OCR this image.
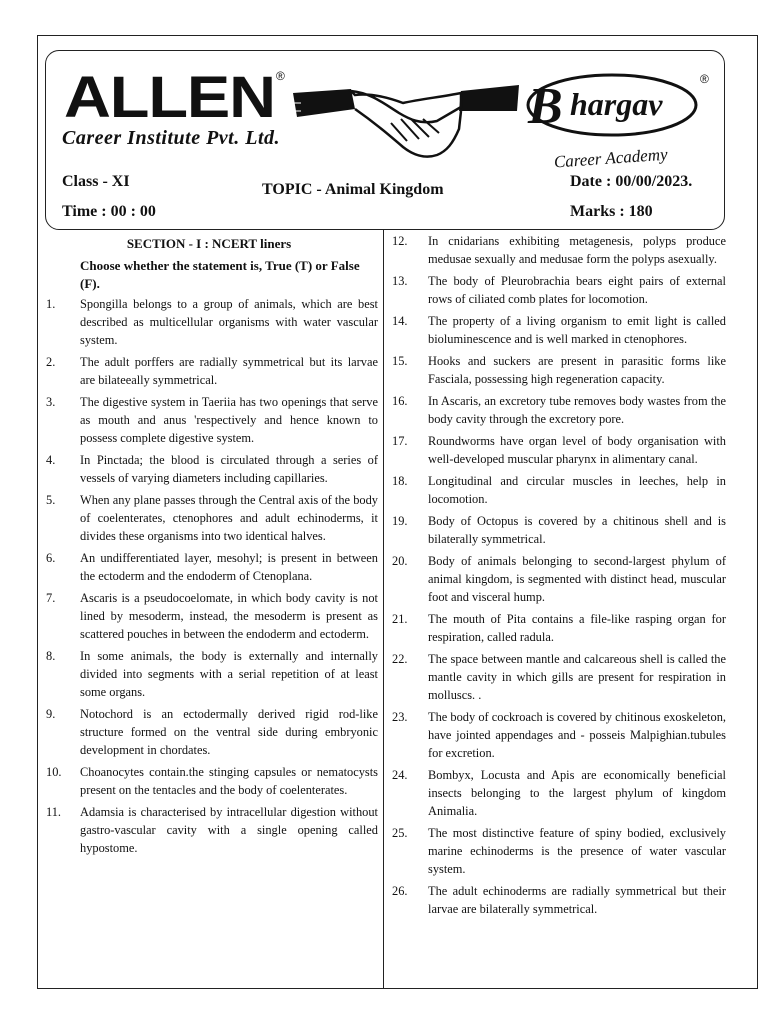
ALLEN ®
Career Institute Pvt. Ltd.
B hargav
®
Career Academy
Class - XI	TOPIC - Animal Kingdom	Date : 00/00/2023.
Time : 00 : 00	Marks : 180
SECTION - I : NCERT liners
Choose whether the statement is, True (T) or False (F).
1. Spongilla belongs to a group of animals, which are best described as multicellular organisms with water vascular system.
2. The adult porffers are radially symmetrical but its larvae are bilateeally symmetrical.
3. The digestive system in Taeriia has two openings that serve as mouth and anus 'respectively and hence known to possess complete digestive system.
4. In Pinctada; the blood is circulated through a series of vessels of varying diameters including capillaries.
5. When any plane passes through the Central axis of the body of coelenterates, ctenophores and adult echinoderms, it divides these organisms into two identical halves.
6. An undifferentiated layer, mesohyl; is present in between the ectoderm and the endoderm of Ctenoplana.
7. Ascaris is a pseudocoelomate, in which body cavity is not lined by mesoderm, instead, the mesoderm is present as scattered pouches in between the endoderm and ectoderm.
8. In some animals, the body is externally and internally divided into segments with a serial repetition of at least some organs.
9. Notochord is an ectodermally derived rigid rod-like structure formed on the ventral side during embryonic development in chordates.
10. Choanocytes contain.the stinging capsules or nematocysts present on the tentacles and the body of coelenterates.
11. Adamsia is characterised by intracellular digestion without gastro-vascular cavity with a single opening called hypostome.
12. In cnidarians exhibiting metagenesis, polyps produce medusae sexually and medusae form the polyps asexually.
13. The body of Pleurobrachia bears eight pairs of external rows of ciliated comb plates for locomotion.
14. The property of a living organism to emit light is called bioluminescence and is well marked in ctenophores.
15. Hooks and suckers are present in parasitic forms like Fasciala, possessing high regeneration capacity.
16. In Ascaris, an excretory tube removes body wastes from the body cavity through the excretory pore.
17. Roundworms have organ level of body organisation with well-developed muscular pharynx in alimentary canal.
18. Longitudinal and circular muscles in leeches, help in locomotion.
19. Body of Octopus is covered by a chitinous shell and is bilaterally symmetrical.
20. Body of animals belonging to second-largest phylum of animal kingdom, is segmented with distinct head, muscular foot and visceral hump.
21. The mouth of Pita contains a file-like rasping organ for respiration, called radula.
22. The space between mantle and calcareous shell is called the mantle cavity in which gills are present for respiration in molluscs. .
23. The body of cockroach is covered by chitinous exoskeleton, have jointed appendages and - posseis Malpighian.tubules for excretion.
24. Bombyx, Locusta and Apis are economically beneficial insects belonging to the largest phylum of kingdom Animalia.
25. The most distinctive feature of spiny bodied, exclusively marine echinoderms is the presence of water vascular system.
26. The adult echinoderms are radially symmetrical but their larvae are bilaterally symmetrical.
